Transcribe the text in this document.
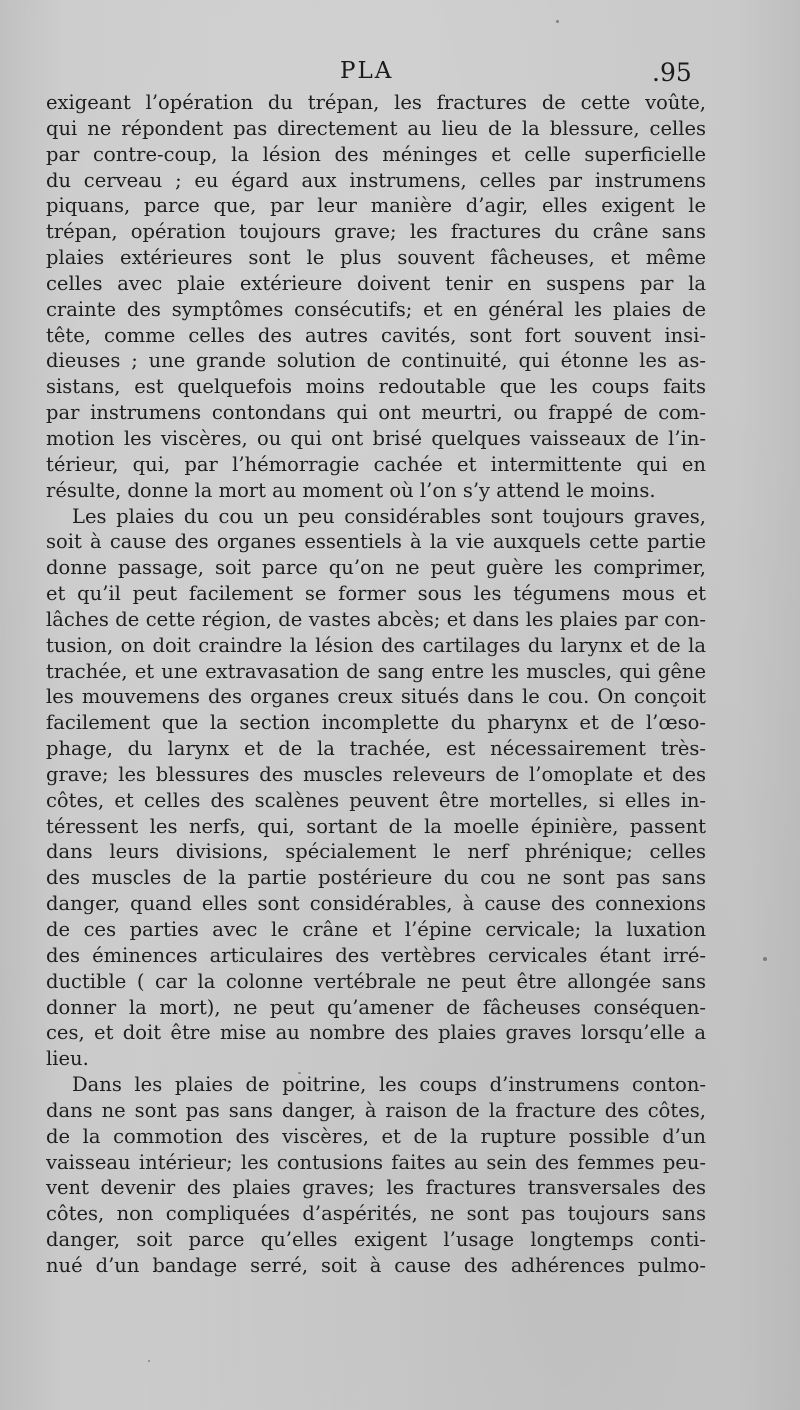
PLA	.95
exigeant l’opération du trépan, les fractures de cette voûte,
qui ne répondent pas directement au lieu de la blessure, celles
par contre-coup, la lésion des méninges et celle superficielle
du cerveau ; eu égard aux instrumens, celles par instrumens
piquans, parce que, par leur manière d’agir, elles exigent le
trépan, opération toujours grave; les fractures du crâne sans
plaies extérieures sont le plus souvent fâcheuses, et même
celles avec plaie extérieure doivent tenir en suspens par la
crainte des symptômes consécutifs; et en général les plaies de
tête, comme celles des autres cavités, sont fort souvent insi-
dieuses ; une grande solution de continuité, qui étonne les as-
sistans, est quelquefois moins redoutable que les coups faits
par instrumens contondans qui ont meurtri, ou frappé de com-
motion les viscères, ou qui ont brisé quelques vaisseaux de l’in-
térieur, qui, par l’hémorragie cachée et intermittente qui en
résulte, donne la mort au moment où l’on s’y attend le moins.
Les plaies du cou un peu considérables sont toujours graves,
soit à cause des organes essentiels à la vie auxquels cette partie
donne passage, soit parce qu’on ne peut guère les comprimer,
et qu’il peut facilement se former sous les tégumens mous et
lâches de cette région, de vastes abcès; et dans les plaies par con-
tusion, on doit craindre la lésion des cartilages du larynx et de la
trachée, et une extravasation de sang entre les muscles, qui gêne
les mouvemens des organes creux situés dans le cou. On conçoit
facilement que la section incomplette du pharynx et de l’œso-
phage, du larynx et de la trachée, est nécessairement très-
grave; les blessures des muscles releveurs de l’omoplate et des
côtes, et celles des scalènes peuvent être mortelles, si elles in-
téressent les nerfs, qui, sortant de la moelle épinière, passent
dans leurs divisions, spécialement le nerf phrénique; celles
des muscles de la partie postérieure du cou ne sont pas sans
danger, quand elles sont considérables, à cause des connexions
de ces parties avec le crâne et l’épine cervicale; la luxation
des éminences articulaires des vertèbres cervicales étant irré-
ductible ( car la colonne vertébrale ne peut être allongée sans
donner la mort), ne peut qu’amener de fâcheuses conséquen-
ces, et doit être mise au nombre des plaies graves lorsqu’elle a
lieu.
Dans les plaies de poitrine, les coups d’instrumens conton-
dans ne sont pas sans danger, à raison de la fracture des côtes,
de la commotion des viscères, et de la rupture possible d’un
vaisseau intérieur; les contusions faites au sein des femmes peu-
vent devenir des plaies graves; les fractures transversales des
côtes, non compliquées d’aspérités, ne sont pas toujours sans
danger, soit parce qu’elles exigent l’usage longtemps conti-
nué d’un bandage serré, soit à cause des adhérences pulmo-
